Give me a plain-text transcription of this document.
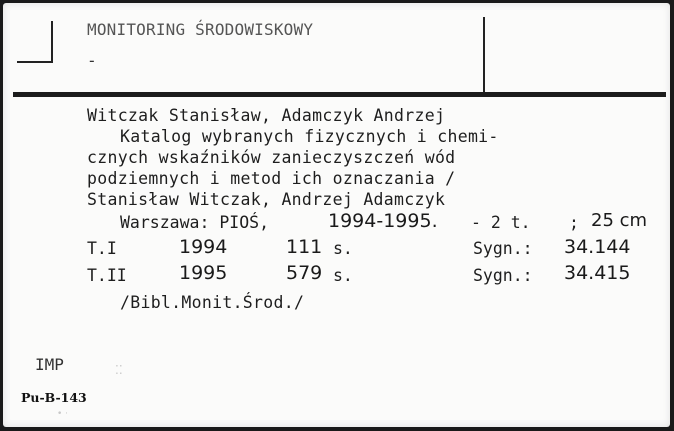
MONITORING ŚRODOWISKOWY
-
Witczak Stanisław, Adamczyk Andrzej
Katalog wybranych fizycznych i chemi-
cznych wskaźników zanieczyszczeń wód
podziemnych i metod ich oznaczania /
Stanisław Witczak, Andrzej Adamczyk
Warszawa: PIOŚ,	1994-1995. - 2 t. ; 25 cm
T.I	1994	111 s.	Sygn.: 34.144
T.II	1995	579 s.	Sygn.: 34.415
/Bibl.Monit.Środ./
IMP
Pu-B-143
⁚⁚
• ·
